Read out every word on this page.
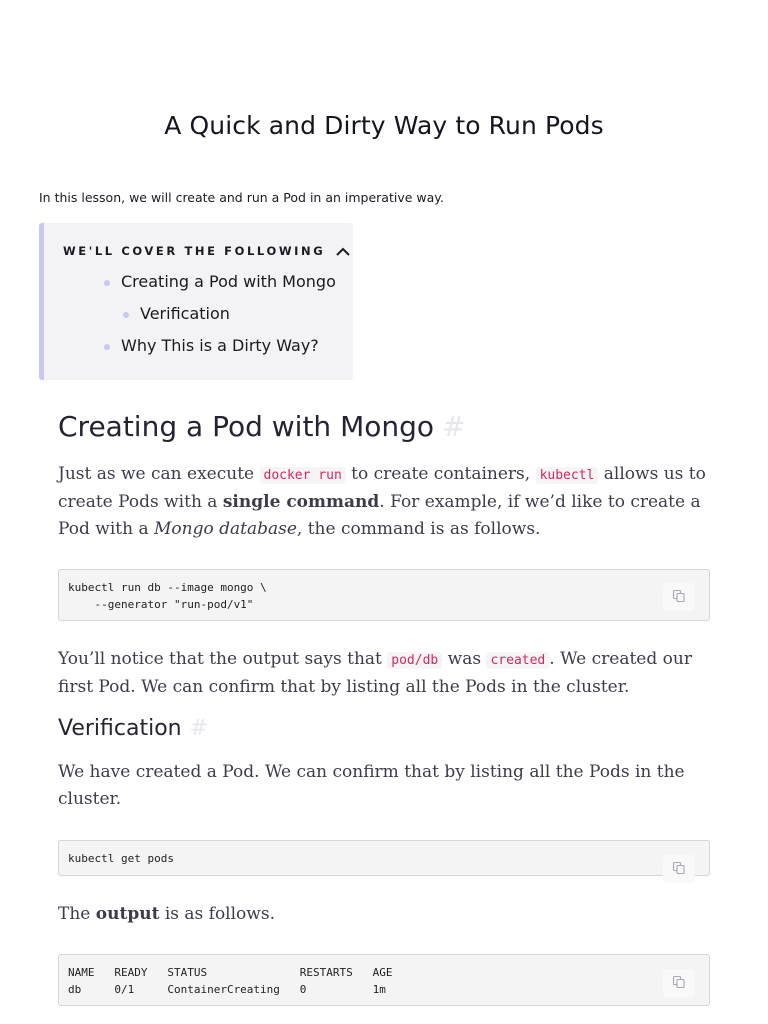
A Quick and Dirty Way to Run Pods

In this lesson, we will create and run a Pod in an imperative way.

WE'LL COVER THE FOLLOWING
Creating a Pod with Mongo
Verification
Why This is a Dirty Way?
Creating a Pod with Mongo #

Just as we can execute docker run to create containers, kubectl allows us to create Pods with a single command. For example, if we’d like to create a Pod with a Mongo database, the command is as follows.

kubectl run db --image mongo \
--generator "run-pod/v1"

You’ll notice that the output says that pod/db was created . We created our first Pod. We can confirm that by listing all the Pods in the cluster.

Verification #

We have created a Pod. We can confirm that by listing all the Pods in the cluster.

kubectl get pods

The output is as follows.

NAME   READY   STATUS              RESTARTS   AGE
db     0/1     ContainerCreating   0          1m
